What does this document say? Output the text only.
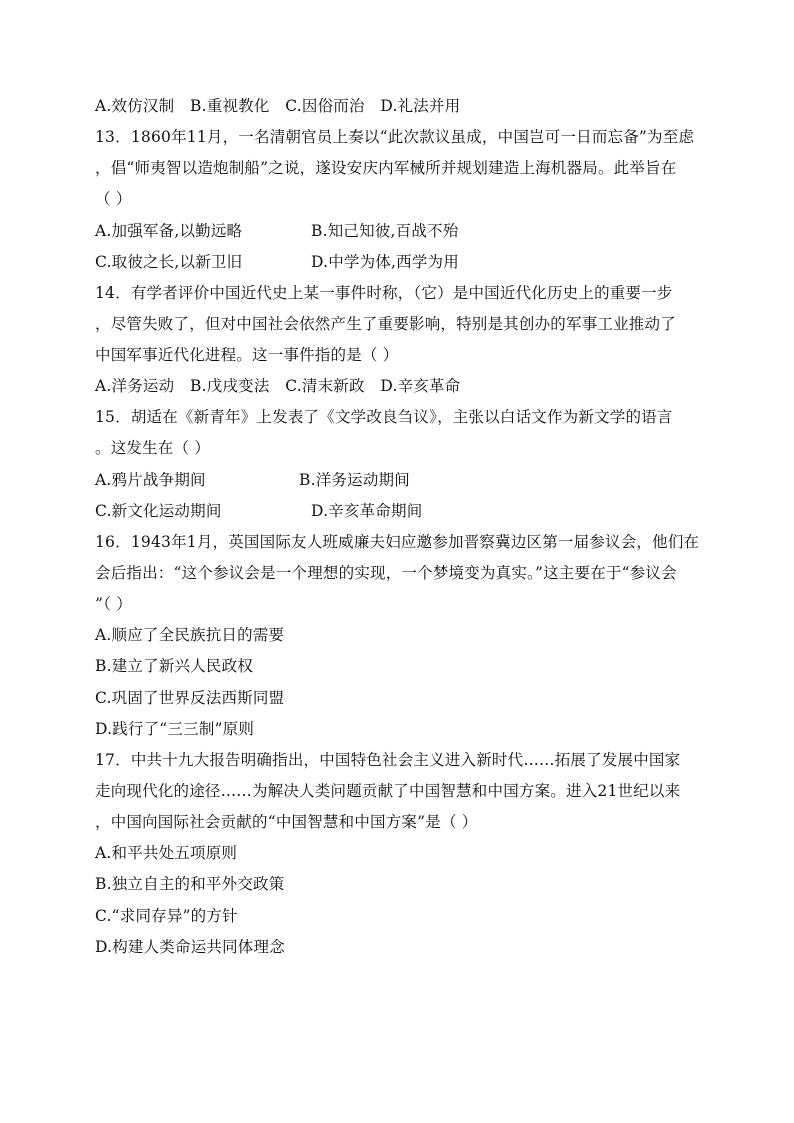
A.效仿汉制　B.重视教化　C.因俗而治　D.礼法并用
13．1860年11月，一名清朝官员上奏以“此次款议虽成，中国岂可一日而忘备”为至虑
，倡“师夷智以造炮制船”之说，遂设安庆内军械所并规划建造上海机器局。此举旨在
（ ）
A.加强军备,以勤远略	B.知己知彼,百战不殆
C.取彼之长,以新卫旧	D.中学为体,西学为用
14．有学者评价中国近代史上某一事件时称，（它）是中国近代化历史上的重要一步
，尽管失败了，但对中国社会依然产生了重要影响，特别是其创办的军事工业推动了
中国军事近代化进程。这一事件指的是（ ）
A.洋务运动　B.戊戌变法　C.清末新政　D.辛亥革命
15．胡适在《新青年》上发表了《文学改良刍议》，主张以白话文作为新文学的语言
。这发生在（ ）
A.鸦片战争期间	B.洋务运动期间
C.新文化运动期间	D.辛亥革命期间
16．1943年1月，英国国际友人班威廉夫妇应邀参加晋察冀边区第一届参议会，他们在
会后指出：“这个参议会是一个理想的实现，一个梦境变为真实。”这主要在于“参议会
”（ ）
A.顺应了全民族抗日的需要
B.建立了新兴人民政权
C.巩固了世界反法西斯同盟
D.践行了“三三制”原则
17．中共十九大报告明确指出，中国特色社会主义进入新时代……拓展了发展中国家
走向现代化的途径……为解决人类问题贡献了中国智慧和中国方案。进入21世纪以来
，中国向国际社会贡献的“中国智慧和中国方案”是（ ）
A.和平共处五项原则
B.独立自主的和平外交政策
C.“求同存异”的方针
D.构建人类命运共同体理念
